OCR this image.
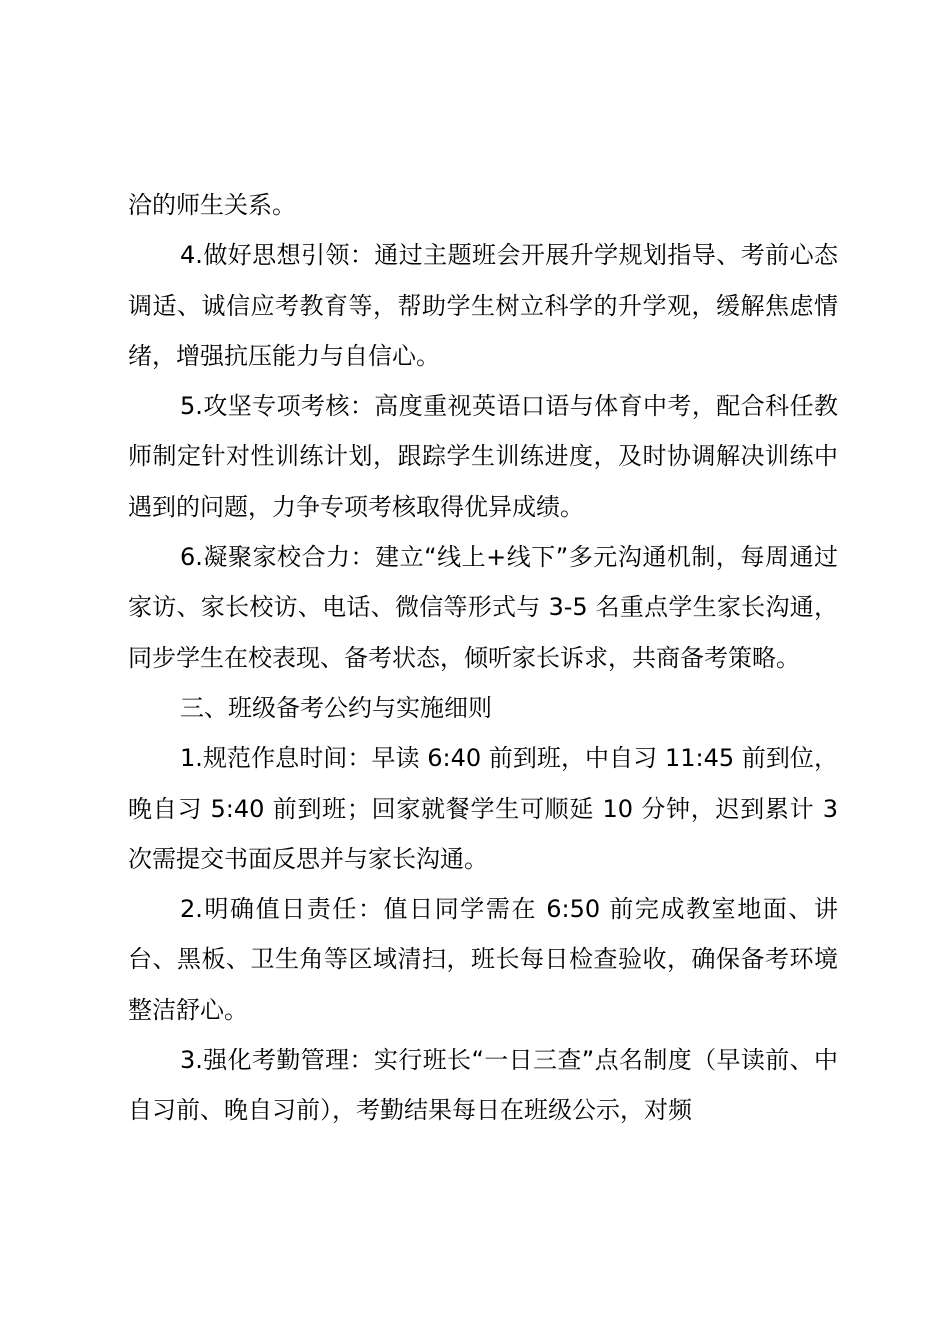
洽的师生关系。

4.做好思想引领：通过主题班会开展升学规划指导、考前心态调适、诚信应考教育等，帮助学生树立科学的升学观，缓解焦虑情绪，增强抗压能力与自信心。

5.攻坚专项考核：高度重视英语口语与体育中考，配合科任教师制定针对性训练计划，跟踪学生训练进度，及时协调解决训练中遇到的问题，力争专项考核取得优异成绩。

6.凝聚家校合力：建立“线上+线下”多元沟通机制，每周通过家访、家长校访、电话、微信等形式与 3-5 名重点学生家长沟通，同步学生在校表现、备考状态，倾听家长诉求，共商备考策略。

三、班级备考公约与实施细则

1.规范作息时间：早读 6:40 前到班，中自习 11:45 前到位，晚自习 5:40 前到班；回家就餐学生可顺延 10 分钟，迟到累计 3 次需提交书面反思并与家长沟通。

2.明确值日责任：值日同学需在 6:50 前完成教室地面、讲台、黑板、卫生角等区域清扫，班长每日检查验收，确保备考环境整洁舒心。

3.强化考勤管理：实行班长“一日三查”点名制度（早读前、中自习前、晚自习前），考勤结果每日在班级公示，对频
